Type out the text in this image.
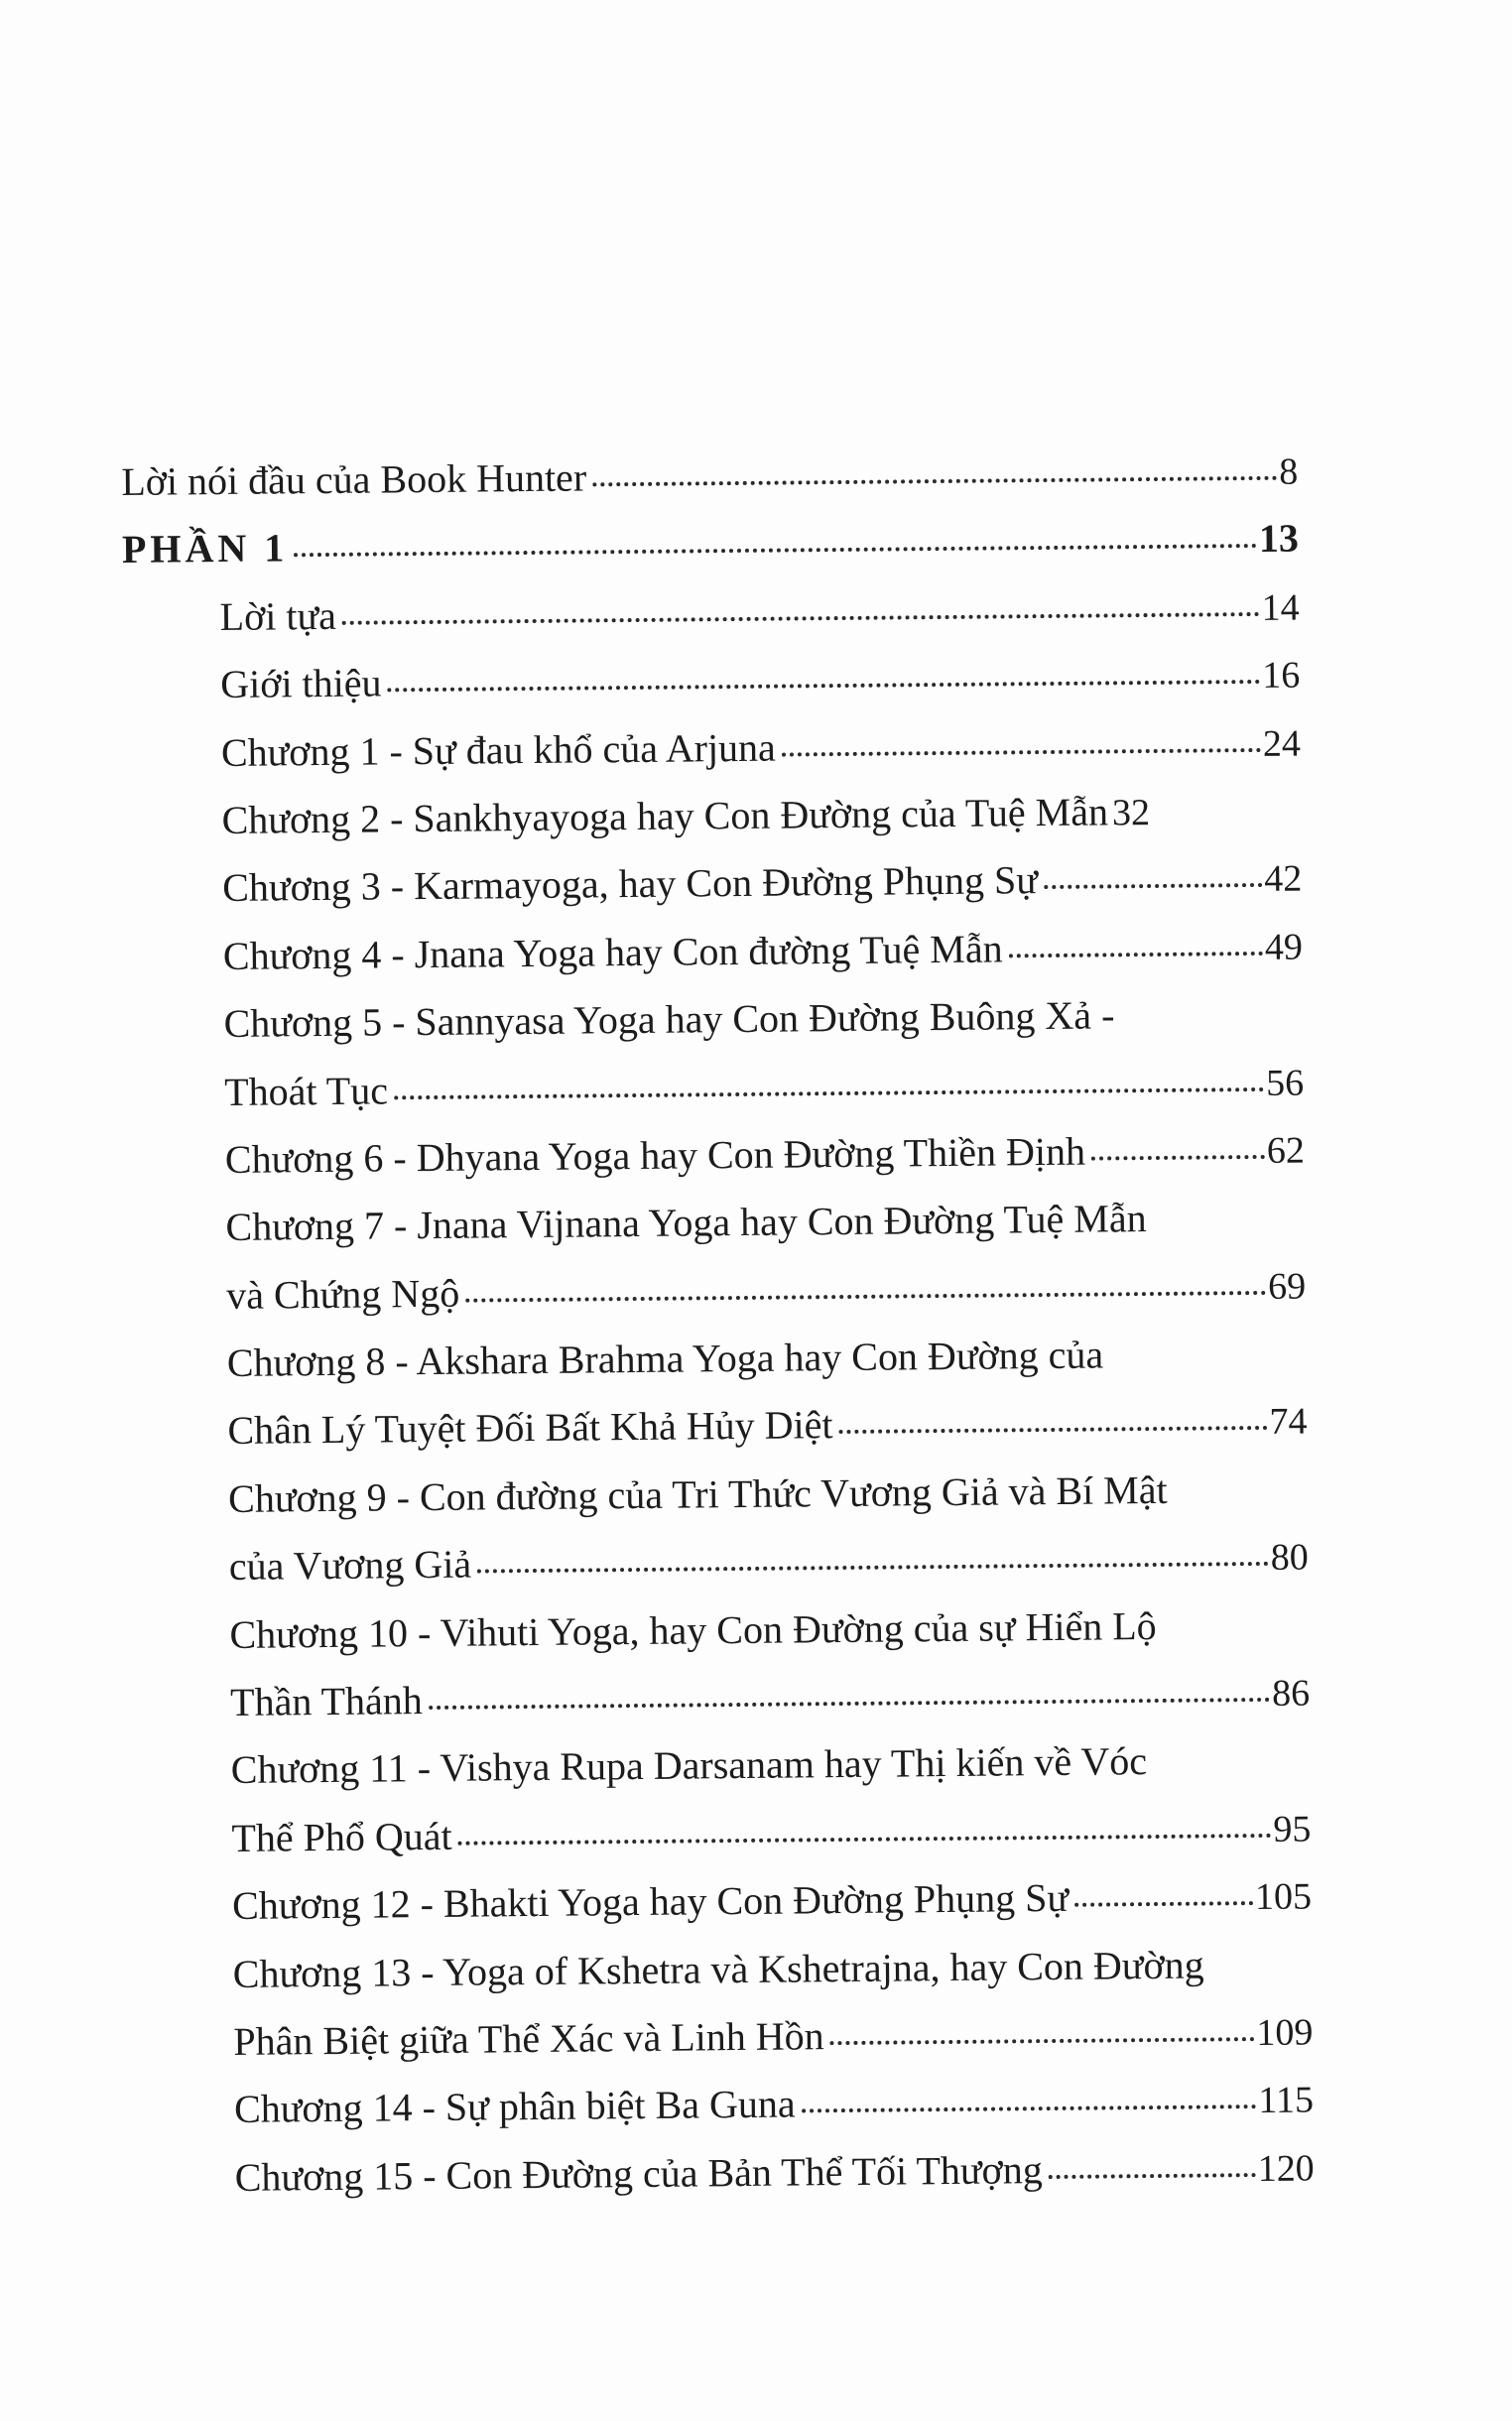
Lời nói đầu của Book Hunter	8
PHẦN 1	13
Lời tựa	14
Giới thiệu	16
Chương 1 - Sự đau khổ của Arjuna	24
Chương 2 - Sankhyayoga hay Con Đường của Tuệ Mẫn 32
Chương 3 - Karmayoga, hay Con Đường Phụng Sự	42
Chương 4 - Jnana Yoga hay Con đường Tuệ Mẫn	49
Chương 5 - Sannyasa Yoga hay Con Đường Buông Xả -
Thoát Tục	56
Chương 6 - Dhyana Yoga hay Con Đường Thiền Định	62
Chương 7 - Jnana Vijnana Yoga hay Con Đường Tuệ Mẫn
và Chứng Ngộ	69
Chương 8 - Akshara Brahma Yoga hay Con Đường của
Chân Lý Tuyệt Đối Bất Khả Hủy Diệt	74
Chương 9 - Con đường của Tri Thức Vương Giả và Bí Mật
của Vương Giả	80
Chương 10 - Vihuti Yoga, hay Con Đường của sự Hiển Lộ
Thần Thánh	86
Chương 11 - Vishya Rupa Darsanam hay Thị kiến về Vóc
Thể Phổ Quát	95
Chương 12 - Bhakti Yoga hay Con Đường Phụng Sự	105
Chương 13 - Yoga of Kshetra và Kshetrajna, hay Con Đường
Phân Biệt giữa Thể Xác và Linh Hồn	109
Chương 14 - Sự phân biệt Ba Guna	115
Chương 15 - Con Đường của Bản Thể Tối Thượng	120
